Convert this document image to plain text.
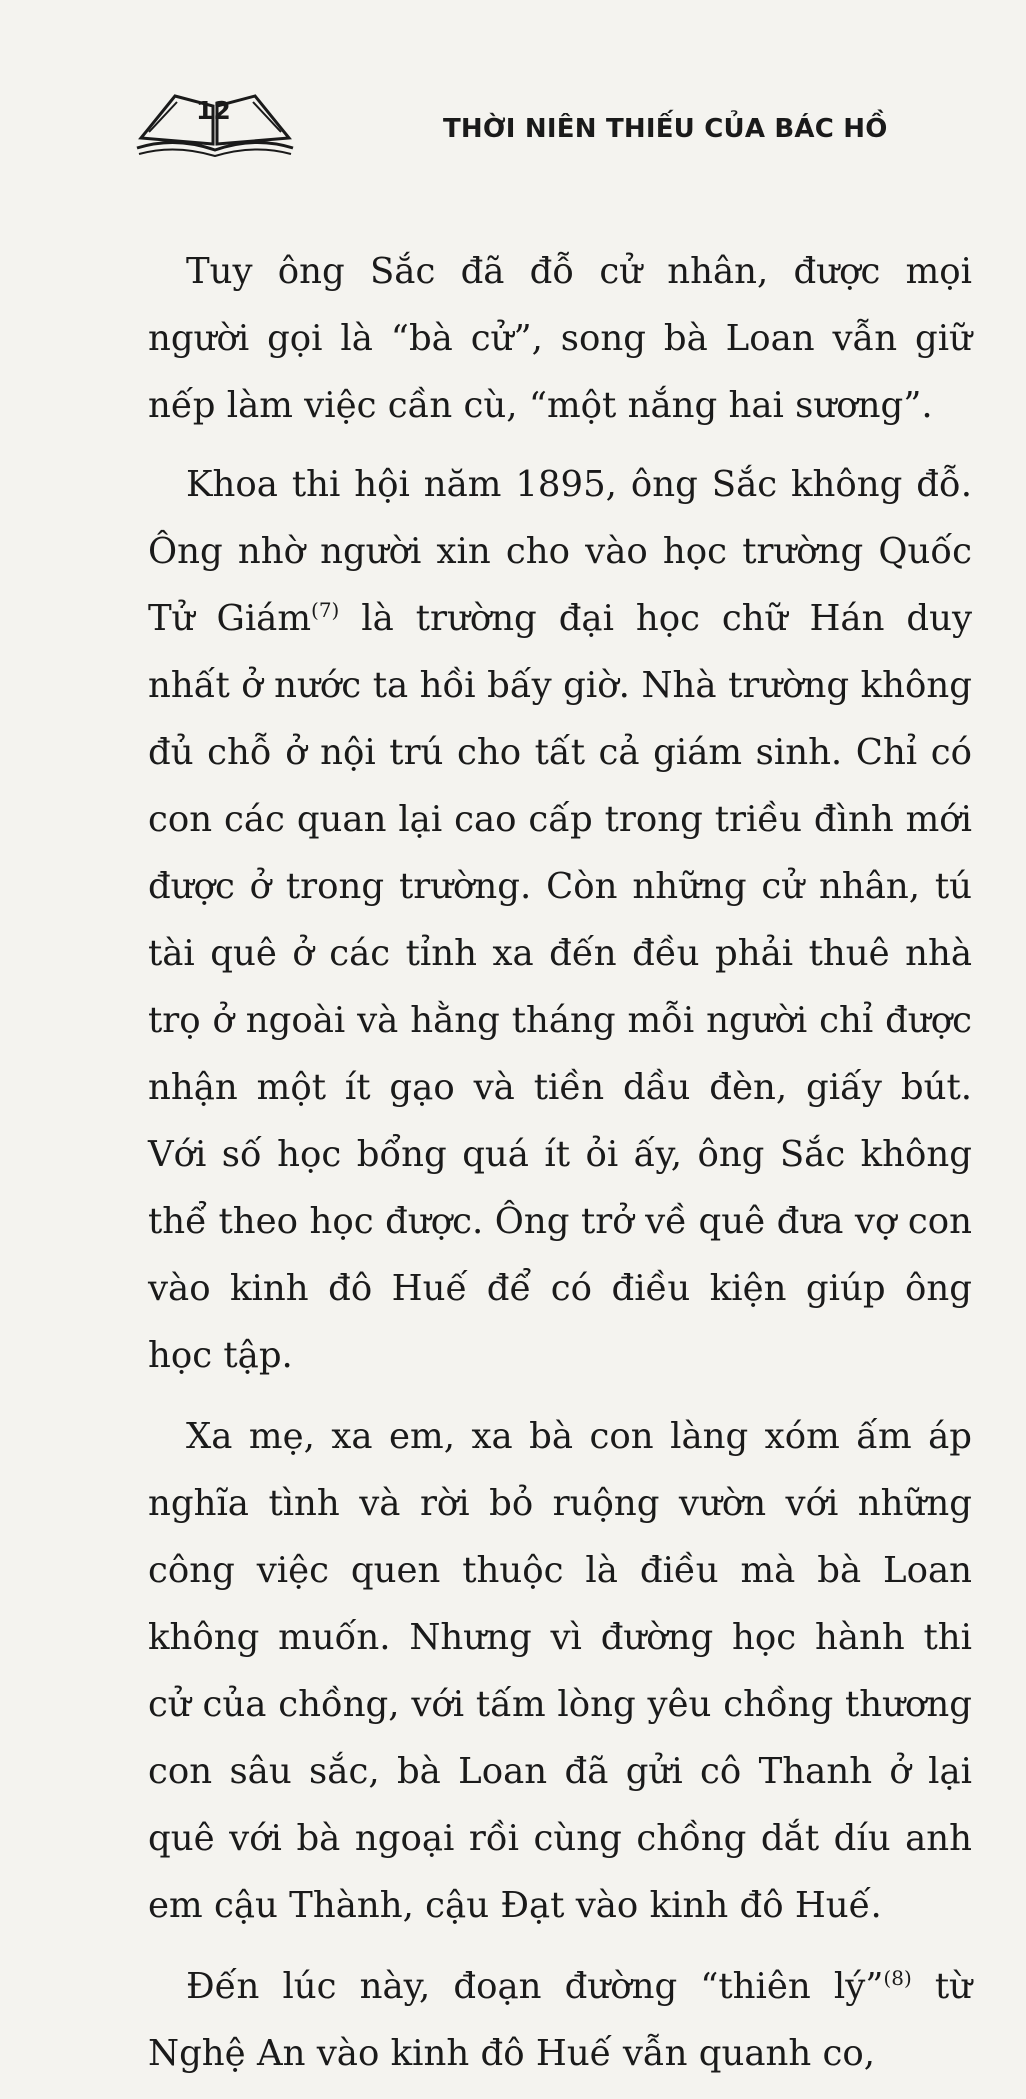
12
THỜI NIÊN THIẾU CỦA BÁC HỒ

Tuy ông Sắc đã đỗ cử nhân, được mọi người gọi là “bà cử”, song bà Loan vẫn giữ nếp làm việc cần cù, “một nắng hai sương”.

Khoa thi hội năm 1895, ông Sắc không đỗ. Ông nhờ người xin cho vào học trường Quốc Tử Giám$^{(7)}$ là trường đại học chữ Hán duy nhất ở nước ta hồi bấy giờ. Nhà trường không đủ chỗ ở nội trú cho tất cả giám sinh. Chỉ có con các quan lại cao cấp trong triều đình mới được ở trong trường. Còn những cử nhân, tú tài quê ở các tỉnh xa đến đều phải thuê nhà trọ ở ngoài và hằng tháng mỗi người chỉ được nhận một ít gạo và tiền dầu đèn, giấy bút. Với số học bổng quá ít ỏi ấy, ông Sắc không thể theo học được. Ông trở về quê đưa vợ con vào kinh đô Huế để có điều kiện giúp ông học tập.

Xa mẹ, xa em, xa bà con làng xóm ấm áp nghĩa tình và rời bỏ ruộng vườn với những công việc quen thuộc là điều mà bà Loan không muốn. Nhưng vì đường học hành thi cử của chồng, với tấm lòng yêu chồng thương con sâu sắc, bà Loan đã gửi cô Thanh ở lại quê với bà ngoại rồi cùng chồng dắt díu anh em cậu Thành, cậu Đạt vào kinh đô Huế.

Đến lúc này, đoạn đường “thiên lý”$^{(8)}$ từ Nghệ An vào kinh đô Huế vẫn quanh co,
